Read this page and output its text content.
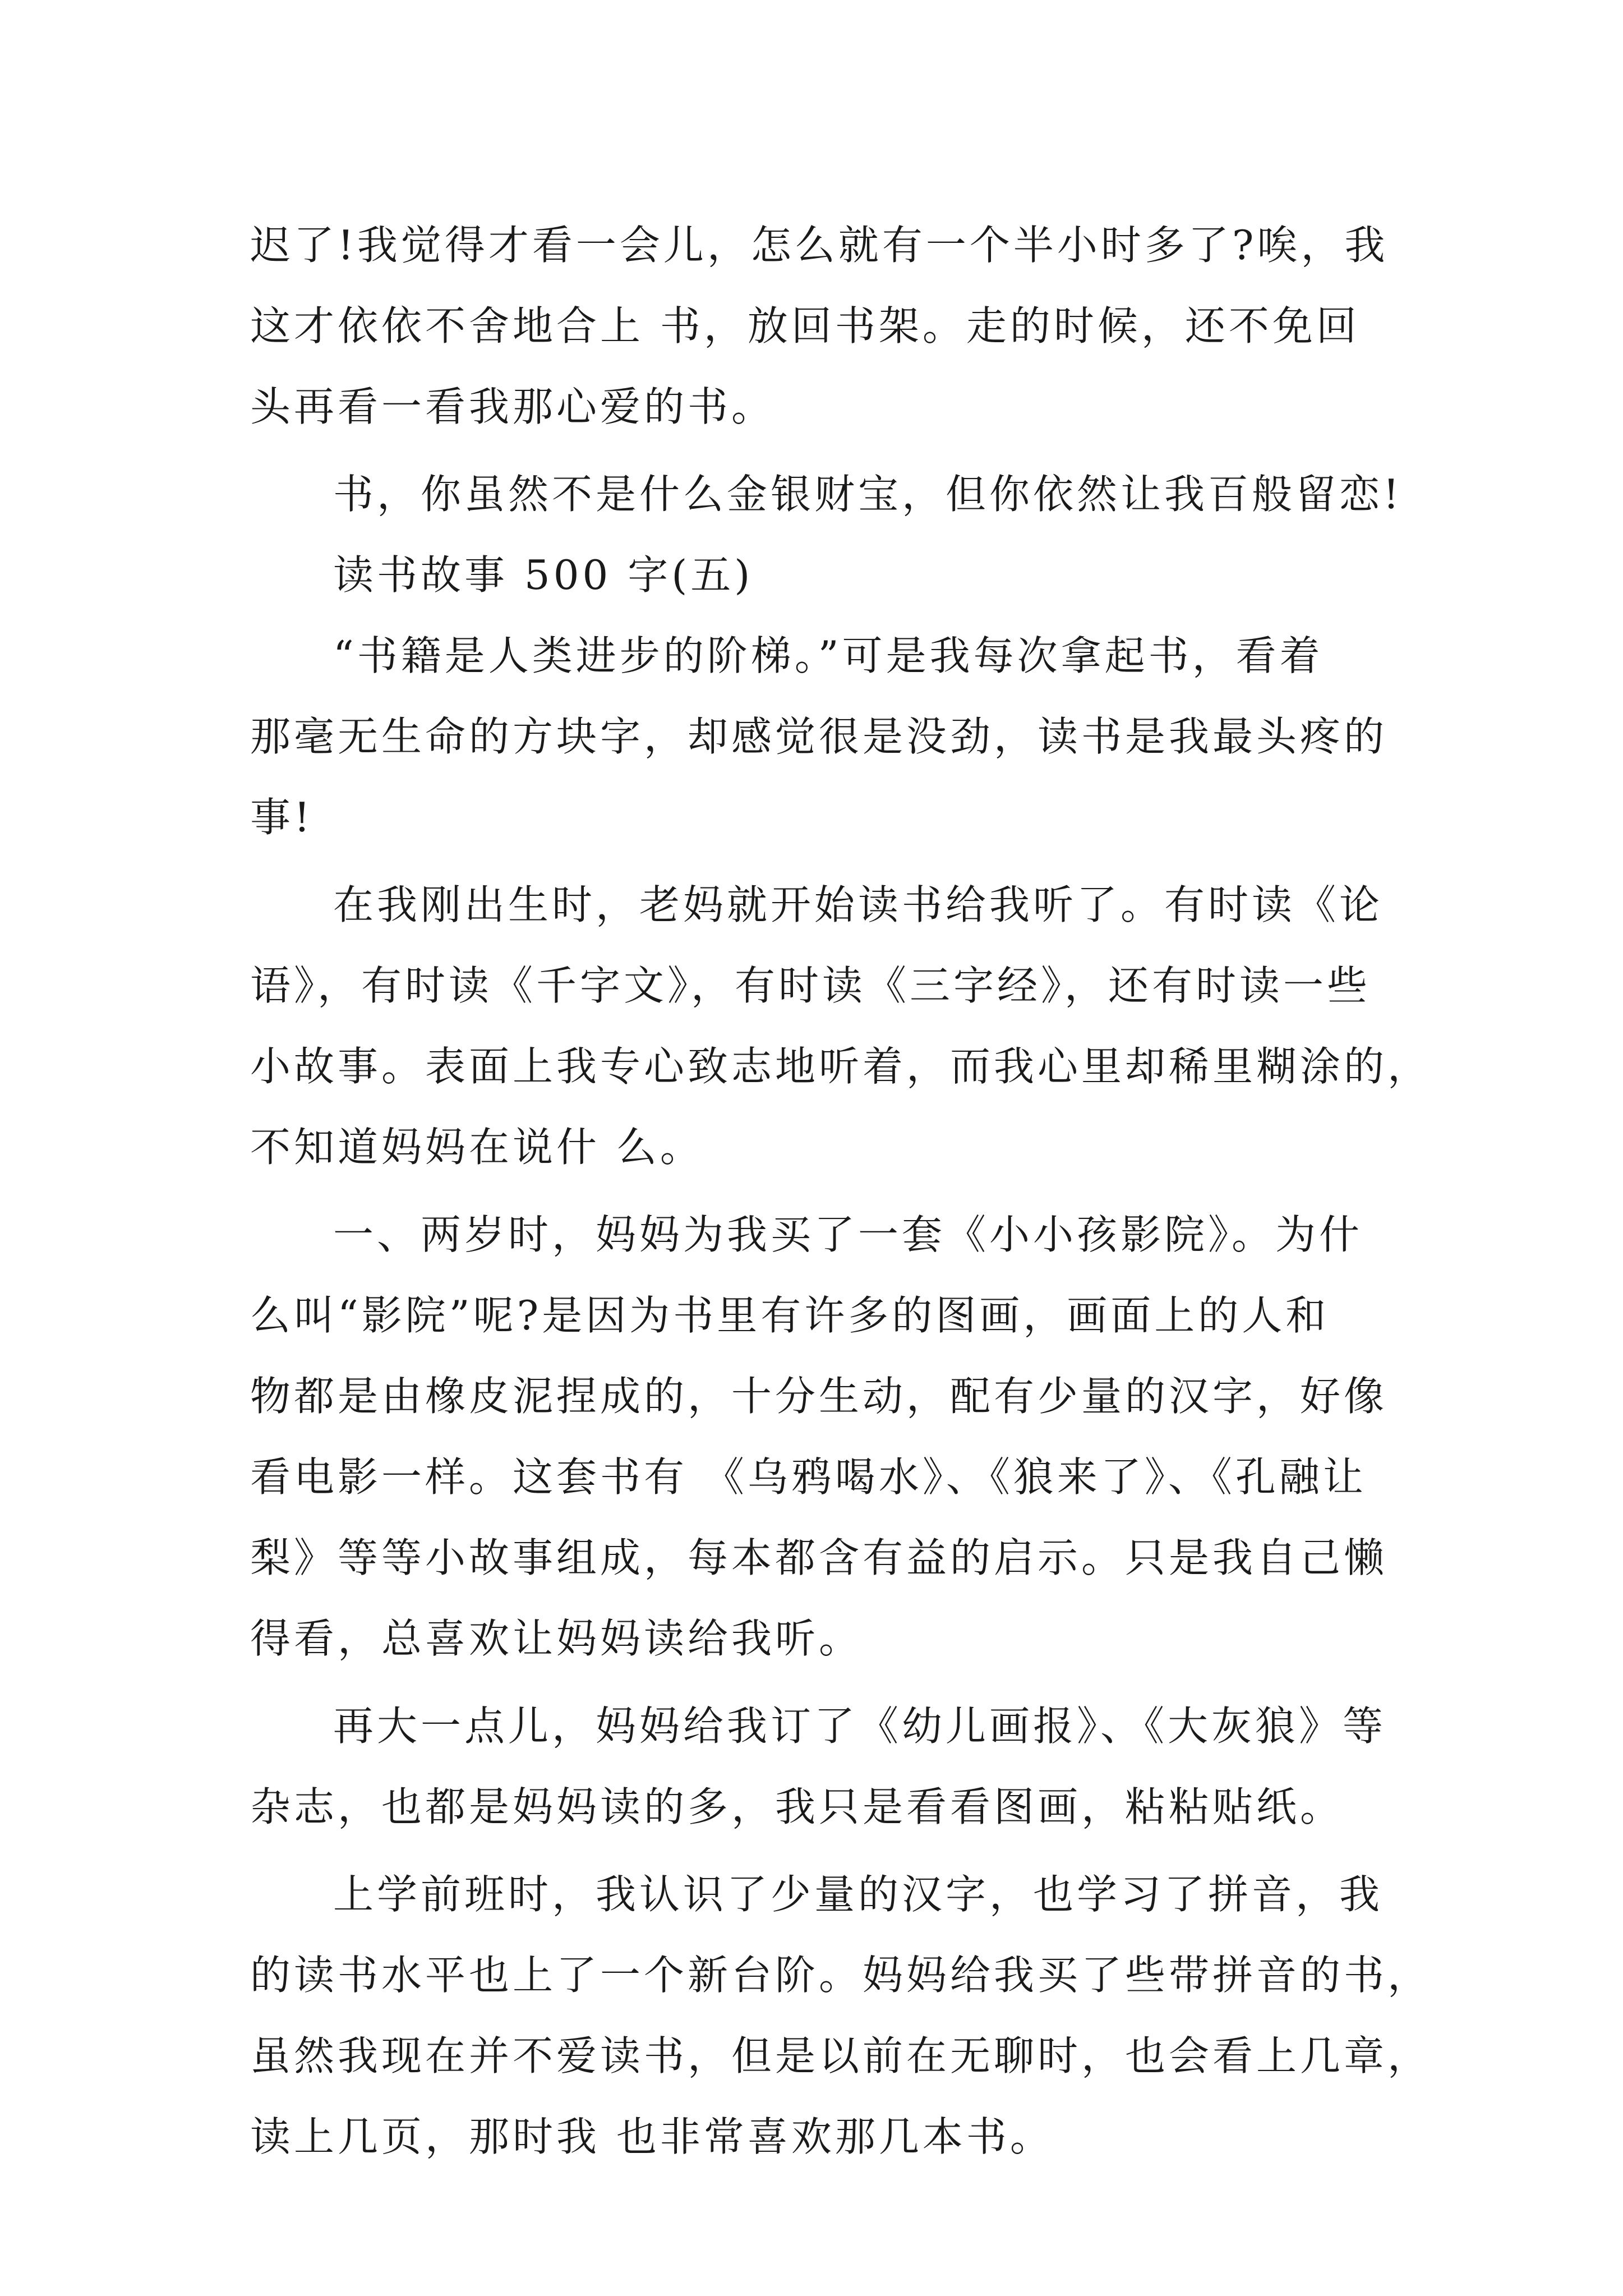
迟了!我觉得才看一会儿，怎么就有一个半小时多了?唉，我
这才依依不舍地合上 书，放回书架。走的时候，还不免回
头再看一看我那心爱的书。
书，你虽然不是什么金银财宝，但你依然让我百般留恋!
读书故事 500 字(五)
“书籍是人类进步的阶梯。”可是我每次拿起书，看着
那毫无生命的方块字，却感觉很是没劲，读书是我最头疼的
事!
在我刚出生时，老妈就开始读书给我听了。有时读《论
语》，有时读《千字文》，有时读《三字经》，还有时读一些
小故事。表面上我专心致志地听着，而我心里却稀里糊涂的，
不知道妈妈在说什 么。
一、两岁时，妈妈为我买了一套《小小孩影院》。为什
么叫“影院”呢?是因为书里有许多的图画，画面上的人和
物都是由橡皮泥捏成的，十分生动，配有少量的汉字，好像
看电影一样。这套书有 《乌鸦喝水》、《狼来了》、《孔融让
梨》等等小故事组成，每本都含有益的启示。只是我自己懒
得看，总喜欢让妈妈读给我听。
再大一点儿，妈妈给我订了《幼儿画报》、《大灰狼》等
杂志，也都是妈妈读的多，我只是看看图画，粘粘贴纸。
上学前班时，我认识了少量的汉字，也学习了拼音，我
的读书水平也上了一个新台阶。妈妈给我买了些带拼音的书，
虽然我现在并不爱读书，但是以前在无聊时，也会看上几章，
读上几页，那时我 也非常喜欢那几本书。
